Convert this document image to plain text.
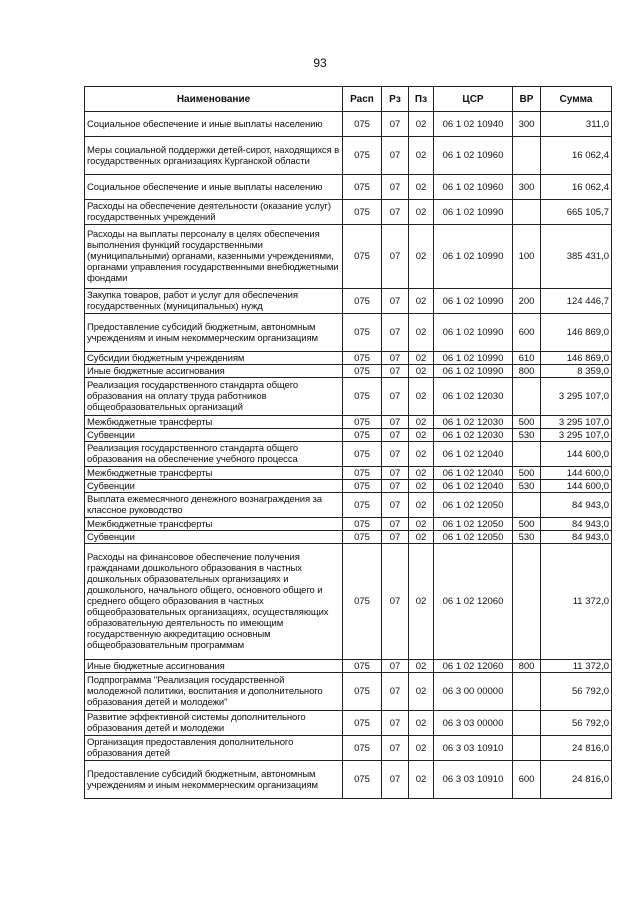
93
Наименование	Расп	Рз	Пз	ЦСР	ВР	Сумма
Социальное обеспечение и иные выплаты населению	075	07	02	06 1 02 10940	300	311,0
Меры социальной поддержки детей-сирот, находящихся в государственных организациях Курганской области	075	07	02	06 1 02 10960		16 062,4
Социальное обеспечение и иные выплаты населению	075	07	02	06 1 02 10960	300	16 062,4
Расходы на обеспечение деятельности (оказание услуг) государственных учреждений	075	07	02	06 1 02 10990		665 105,7
Расходы на выплаты персоналу в целях обеспечения выполнения функций государственными (муниципальными) органами, казенными учреждениями, органами управления государственными внебюджетными фондами	075	07	02	06 1 02 10990	100	385 431,0
Закупка товаров, работ и услуг для обеспечения государственных (муниципальных) нужд	075	07	02	06 1 02 10990	200	124 446,7
Предоставление субсидий бюджетным, автономным учреждениям и иным некоммерческим организациям	075	07	02	06 1 02 10990	600	146 869,0
Субсидии бюджетным учреждениям	075	07	02	06 1 02 10990	610	146 869,0
Иные бюджетные ассигнования	075	07	02	06 1 02 10990	800	8 359,0
Реализация государственного стандарта общего образования на оплату труда работников общеобразовательных организаций	075	07	02	06 1 02 12030		3 295 107,0
Межбюджетные трансферты	075	07	02	06 1 02 12030	500	3 295 107,0
Субвенции	075	07	02	06 1 02 12030	530	3 295 107,0
Реализация государственного стандарта общего образования на обеспечение учебного процесса	075	07	02	06 1 02 12040		144 600,0
Межбюджетные трансферты	075	07	02	06 1 02 12040	500	144 600,0
Субвенции	075	07	02	06 1 02 12040	530	144 600,0
Выплата ежемесячного денежного вознаграждения за классное руководство	075	07	02	06 1 02 12050		84 943,0
Межбюджетные трансферты	075	07	02	06 1 02 12050	500	84 943,0
Субвенции	075	07	02	06 1 02 12050	530	84 943,0
Расходы на финансовое обеспечение получения гражданами дошкольного образования в частных дошкольных образовательных организациях и дошкольного, начального общего, основного общего и среднего общего образования в частных общеобразовательных организациях, осуществляющих образовательную деятельность по имеющим государственную аккредитацию основным общеобразовательным программам	075	07	02	06 1 02 12060		11 372,0
Иные бюджетные ассигнования	075	07	02	06 1 02 12060	800	11 372,0
Подпрограмма "Реализация государственной молодежной политики, воспитания и дополнительного образования детей и молодежи"	075	07	02	06 3 00 00000		56 792,0
Развитие эффективной системы дополнительного образования детей и молодежи	075	07	02	06 3 03 00000		56 792,0
Организация предоставления дополнительного образования детей	075	07	02	06 3 03 10910		24 816,0
Предоставление субсидий бюджетным, автономным учреждениям и иным некоммерческим организациям	075	07	02	06 3 03 10910	600	24 816,0
